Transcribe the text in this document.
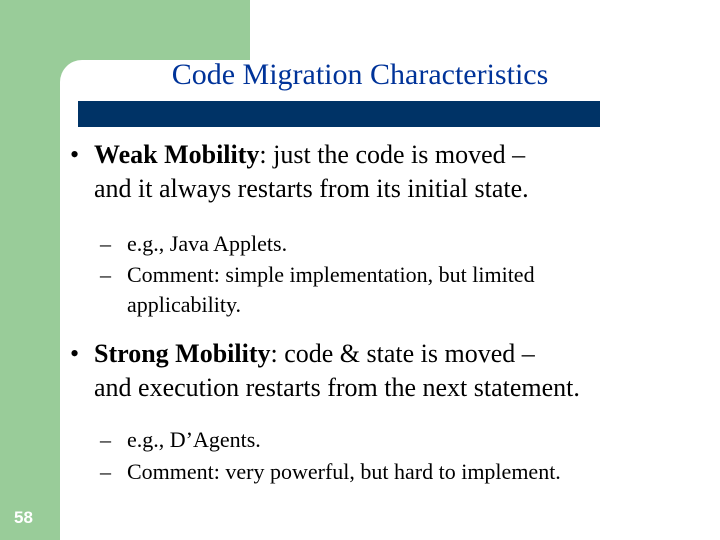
Code Migration Characteristics
• Weak Mobility: just the code is moved –
and it always restarts from its initial state.
– e.g., Java Applets.
– Comment: simple implementation, but limited
applicability.
• Strong Mobility: code & state is moved –
and execution restarts from the next statement.
– e.g., D’Agents.
– Comment: very powerful, but hard to implement.
58
